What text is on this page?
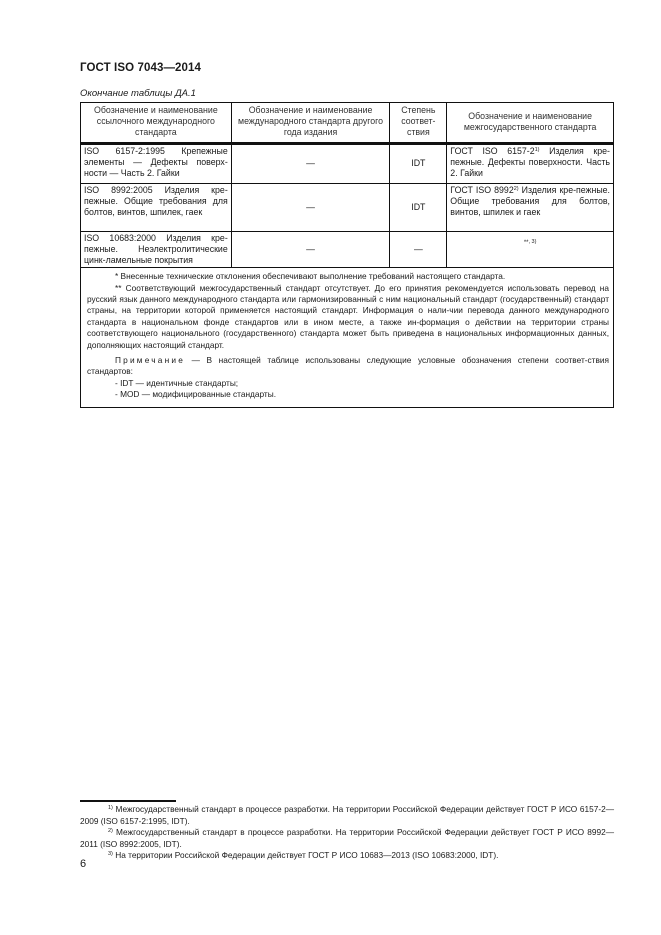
ГОСТ ISO 7043—2014
Окончание таблицы ДА.1
Обозначение и наименование ссылочного международного стандарта	Обозначение и наименование международного стандарта другого года издания	Степень соответ-ствия	Обозначение и наименование межгосударственного стандарта
ISO 6157-2:1995 Крепежные элементы — Дефекты поверх-ности — Часть 2. Гайки	—	IDT	ГОСТ ISO 6157-2$^{1)}$ Изделия кре-пежные. Дефекты поверхности. Часть 2. Гайки
ISO 8992:2005 Изделия кре-пежные. Общие требования для болтов, винтов, шпилек, гаек	—	IDT	ГОСТ ISO 8992$^{2)}$ Изделия кре-пежные. Общие требования для болтов, винтов, шпилек и гаек
ISO 10683:2000 Изделия кре-пежные. Неэлектролитические цинк-ламельные покрытия	—	—	**$^{, 3)}$

* Внесенные технические отклонения обеспечивают выполнение требований настоящего стандарта.

** Соответствующий межгосударственный стандарт отсутствует. До его принятия рекомендуется использовать перевод на русский язык данного международного стандарта или гармонизированный с ним национальный стандарт (государственный) стандарт страны, на территории которой применяется настоящий стандарт. Информация о нали-чии перевода данного международного стандарта в национальном фонде стандартов или в ином месте, а также ин-формация о действии на территории страны соответствующего национального (государственного) стандарта может быть приведена в национальных информационных данных, дополняющих настоящий стандарт.

Примечание — В настоящей таблице использованы следующие условные обозначения степени соответ-ствия стандартов:

- IDT — идентичные стандарты;

- MOD — модифицированные стандарты.			

$^{1)}$ Межгосударственный стандарт в процессе разработки. На территории Российской Федерации действует ГОСТ Р ИСО 6157-2—2009 (ISO 6157-2:1995, IDT).

$^{2)}$ Межгосударственный стандарт в процессе разработки. На территории Российской Федерации действует ГОСТ Р ИСО 8992—2011 (ISO 8992:2005, IDT).

$^{3)}$ На территории Российской Федерации действует ГОСТ Р ИСО 10683—2013 (ISO 10683:2000, IDT).

6
